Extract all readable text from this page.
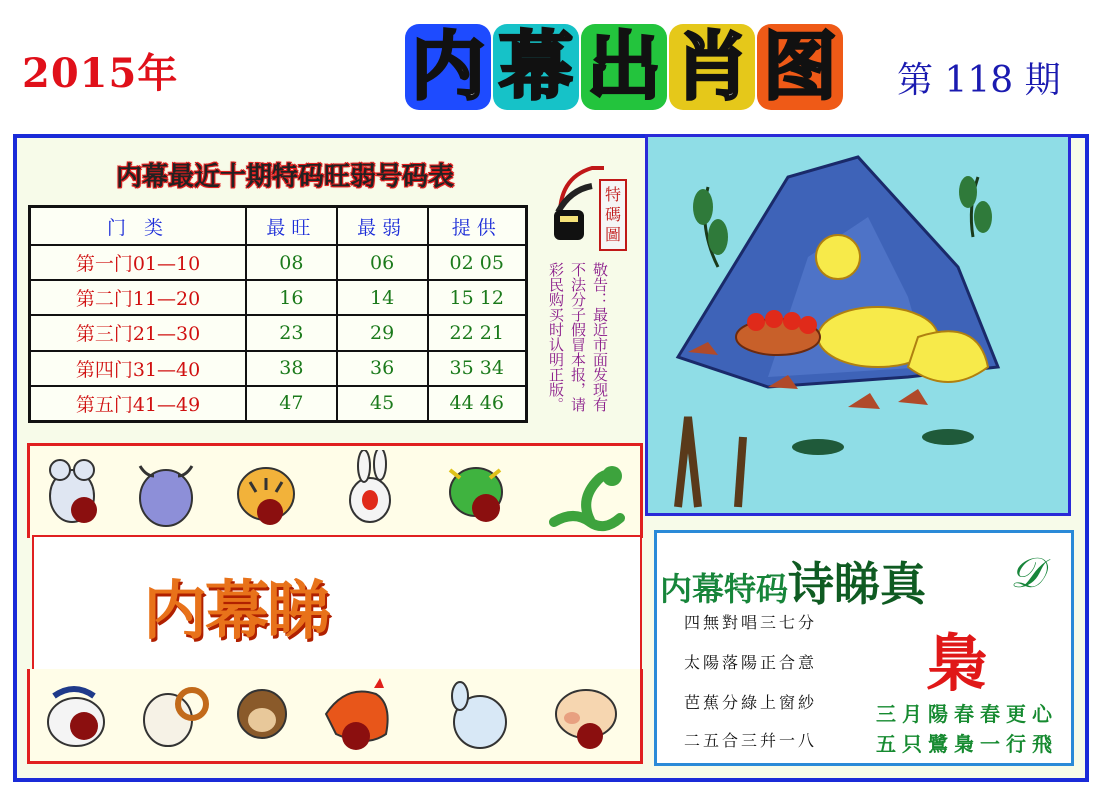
2015年	内 幕 出 肖 图 第 118 期
内幕最近十期特码旺弱号码表
门 类	最旺	最弱	提供
第一门01—10	08	06	02 05
第二门11—20	16	14	15 12
第三门21—30	23	29	22 21
第四门31—40	38	36	35 34
第五门41—49	47	45	44 46
特
碼
圖
敬告：最近市面发现有不法分子假冒本报，请彩民购买时认明正版。
内幕睇	内幕特码诗睇真 𝒟
四無對唱三七分
太陽落陽正合意
芭蕉分綠上窗紗
二五合三幷一八
梟
三月陽春春更心
五只鷺梟一行飛
